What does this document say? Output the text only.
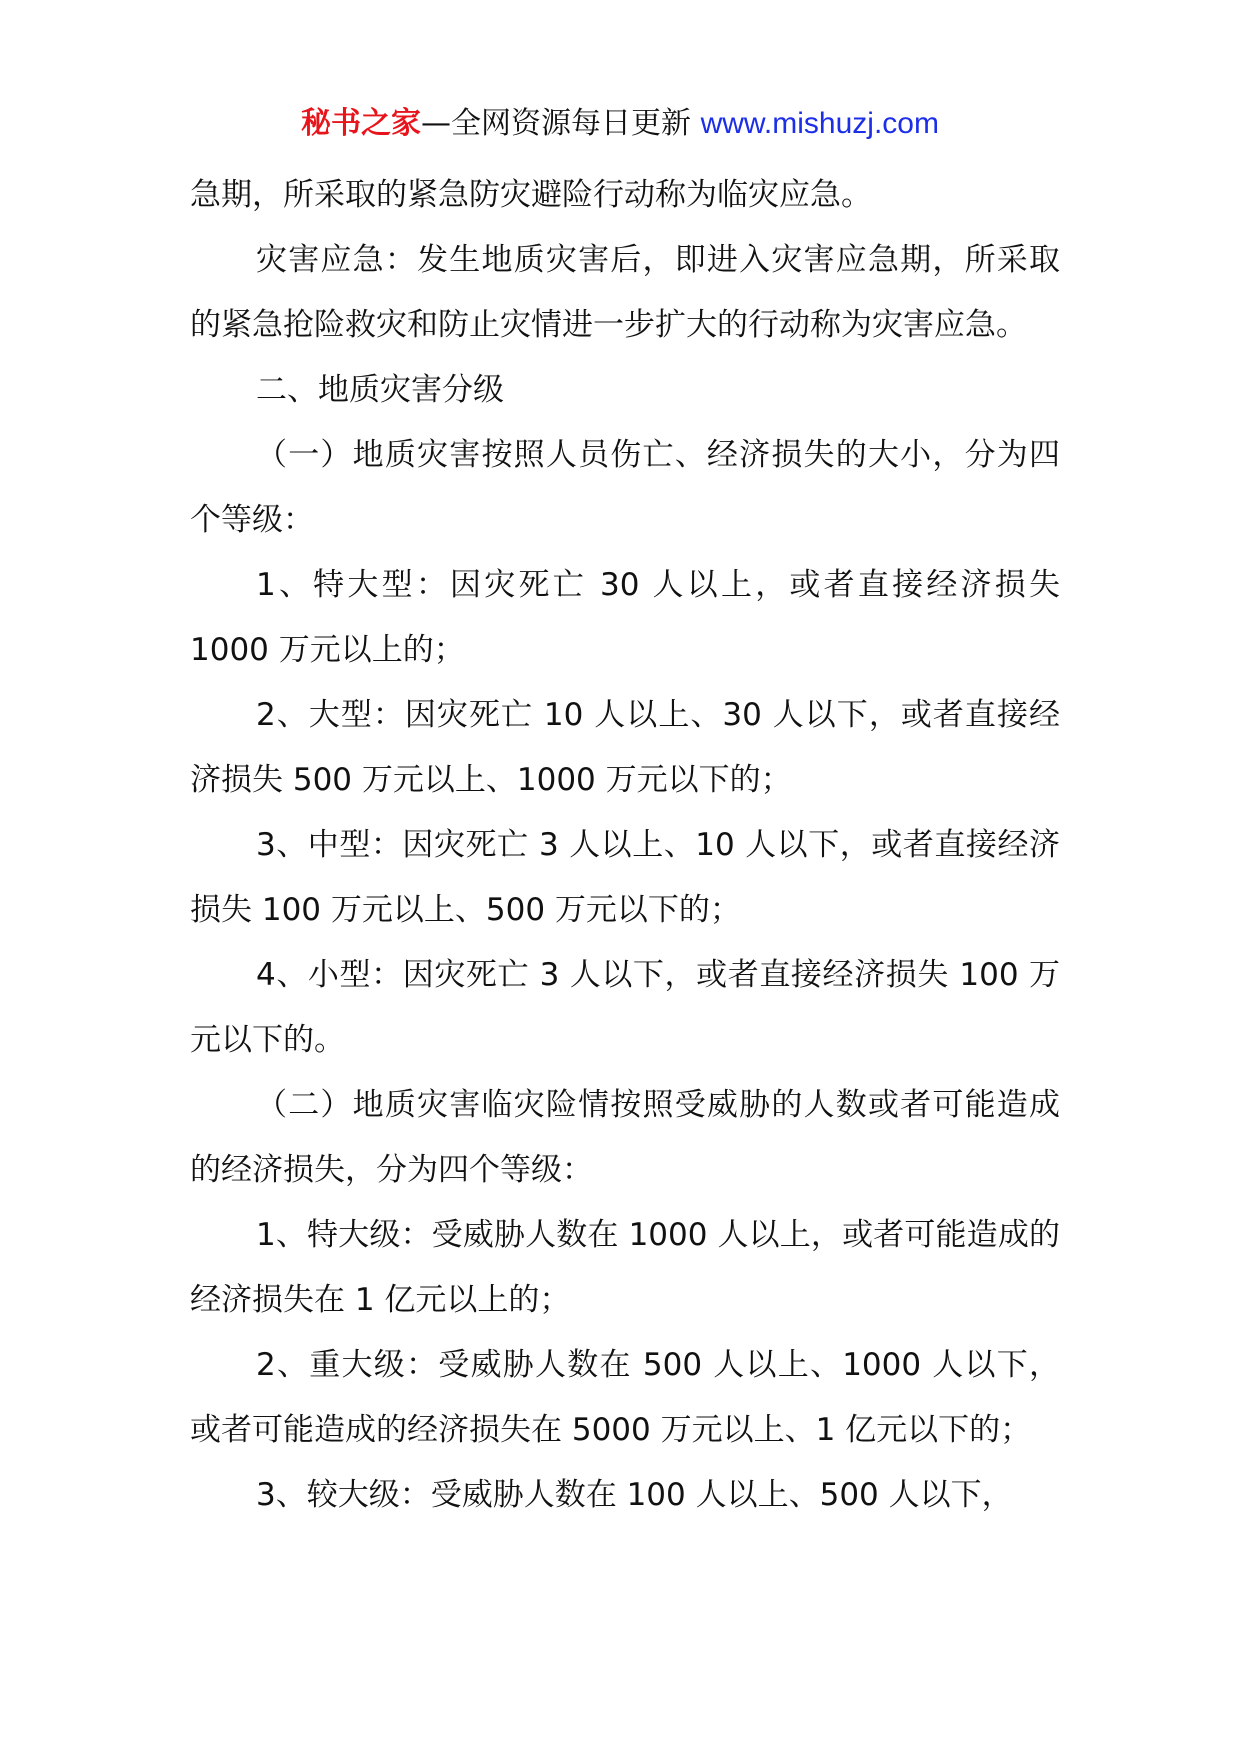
秘书之家—全网资源每日更新 www.mishuzj.com

急期，所采取的紧急防灾避险行动称为临灾应急。

灾害应急：发生地质灾害后，即进入灾害应急期，所采取的紧急抢险救灾和防止灾情进一步扩大的行动称为灾害应急。

二、地质灾害分级

（一）地质灾害按照人员伤亡、经济损失的大小，分为四个等级：

1、特大型：因灾死亡 30 人以上，或者直接经济损失 1000 万元以上的；

2、大型：因灾死亡 10 人以上、30 人以下，或者直接经济损失 500 万元以上、1000 万元以下的；

3、中型：因灾死亡 3 人以上、10 人以下，或者直接经济损失 100 万元以上、500 万元以下的；

4、小型：因灾死亡 3 人以下，或者直接经济损失 100 万元以下的。

（二）地质灾害临灾险情按照受威胁的人数或者可能造成的经济损失，分为四个等级：

1、特大级：受威胁人数在 1000 人以上，或者可能造成的经济损失在 1 亿元以上的；

2、重大级：受威胁人数在 500 人以上、1000 人以下，或者可能造成的经济损失在 5000 万元以上、1 亿元以下的；

3、较大级：受威胁人数在 100 人以上、500 人以下，
